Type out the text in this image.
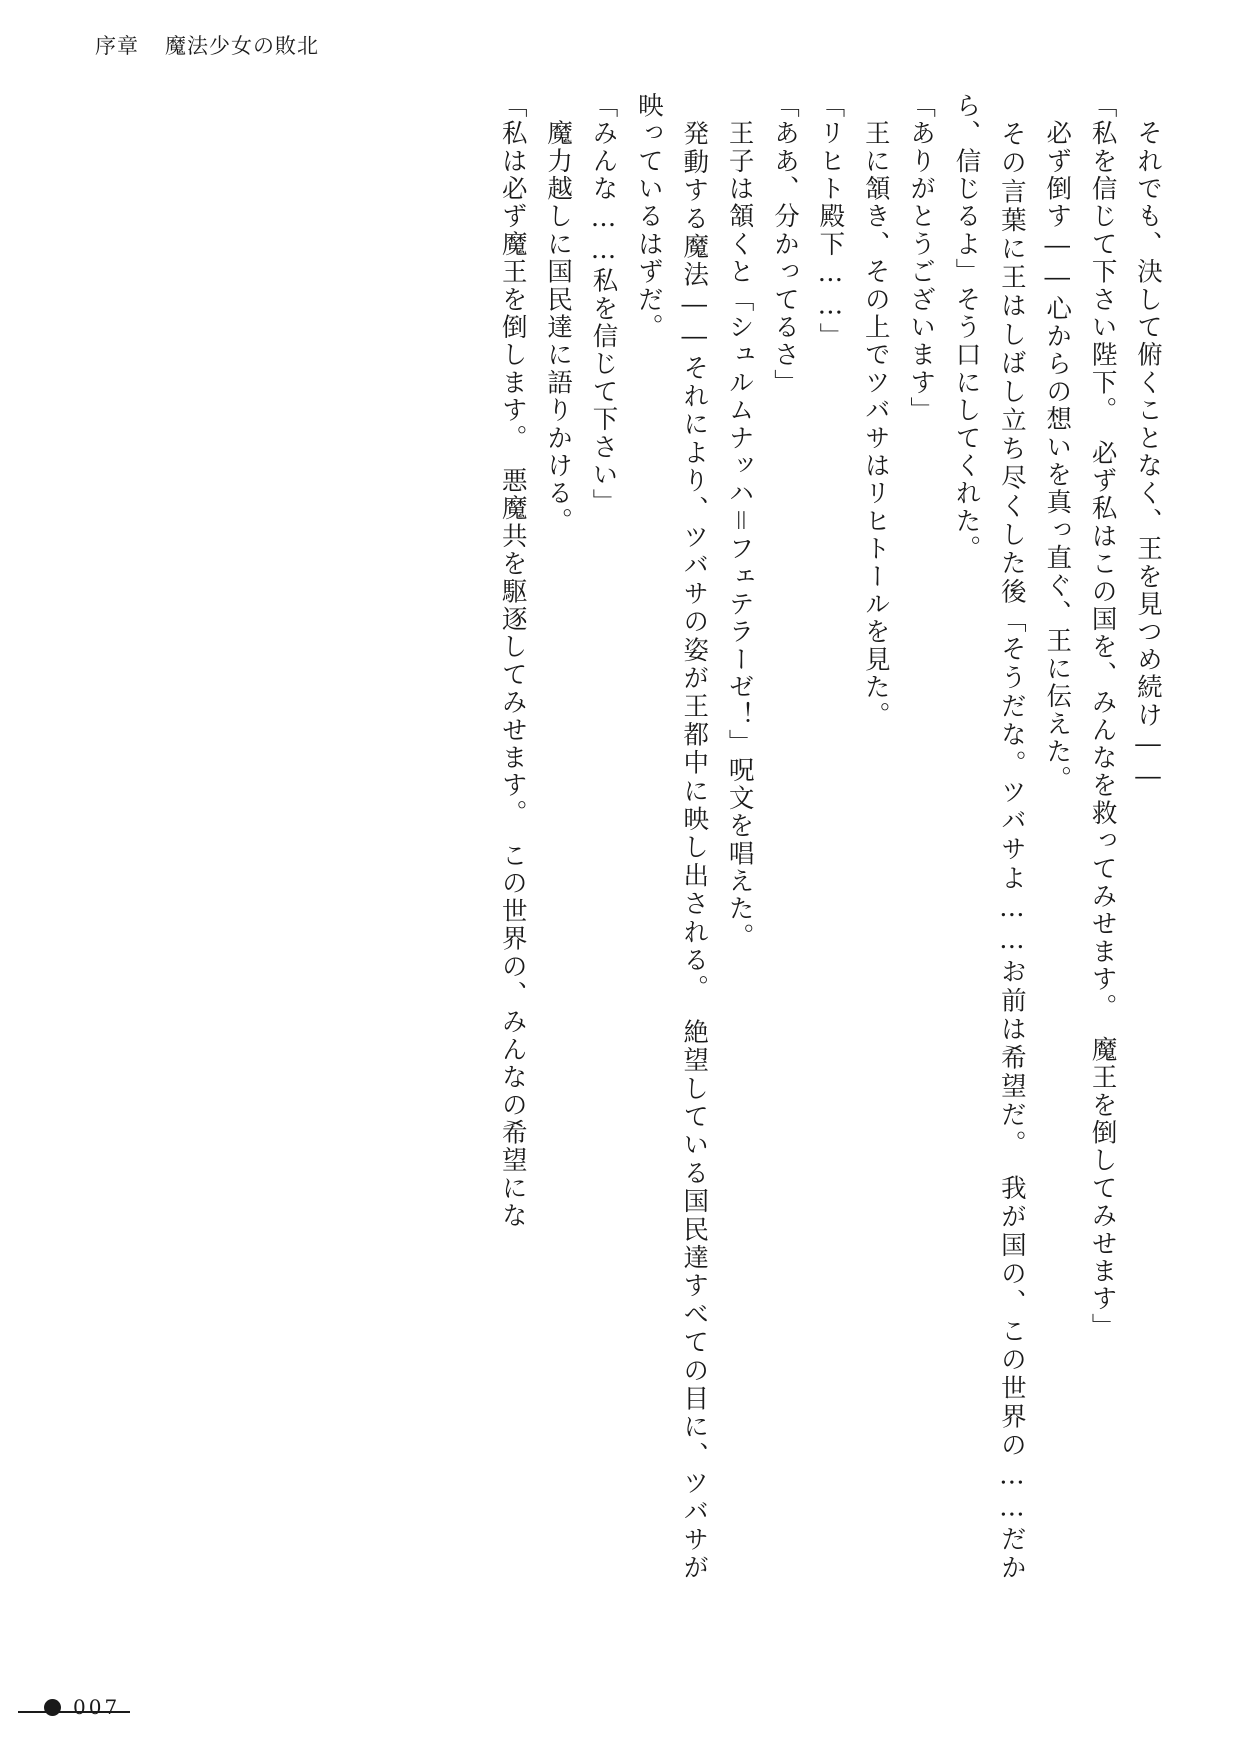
序章 魔法少女の敗北

　それでも、決して俯くことなく、王を見つめ続け――

「私を信じて下さい陛下。　必ず私はこの国を、みんなを救ってみせます。　魔王を倒してみせます」

　必ず倒す――心からの想いを真っ直ぐ、王に伝えた。

　その言葉に王はしばし立ち尽くした後「そうだな。ツバサよ……お前は希望だ。　我が国の、この世界の……だから、信じるよ」そう口にしてくれた。

「ありがとうございます」

　王に頷き、その上でツバサはリヒトールを見た。

「リヒト殿下……」

「ああ、分かってるさ」

　王子は頷くと「シュルムナッハ＝フェテラーゼ！」呪文を唱えた。

　発動する魔法――それにより、ツバサの姿が王都中に映し出される。　絶望している国民達すべての目に、ツバサが映っているはずだ。

「みんな……私を信じて下さい」

　魔力越しに国民達に語りかける。

「私は必ず魔王を倒します。　悪魔共を駆逐してみせます。　この世界の、みんなの希望にな

007
